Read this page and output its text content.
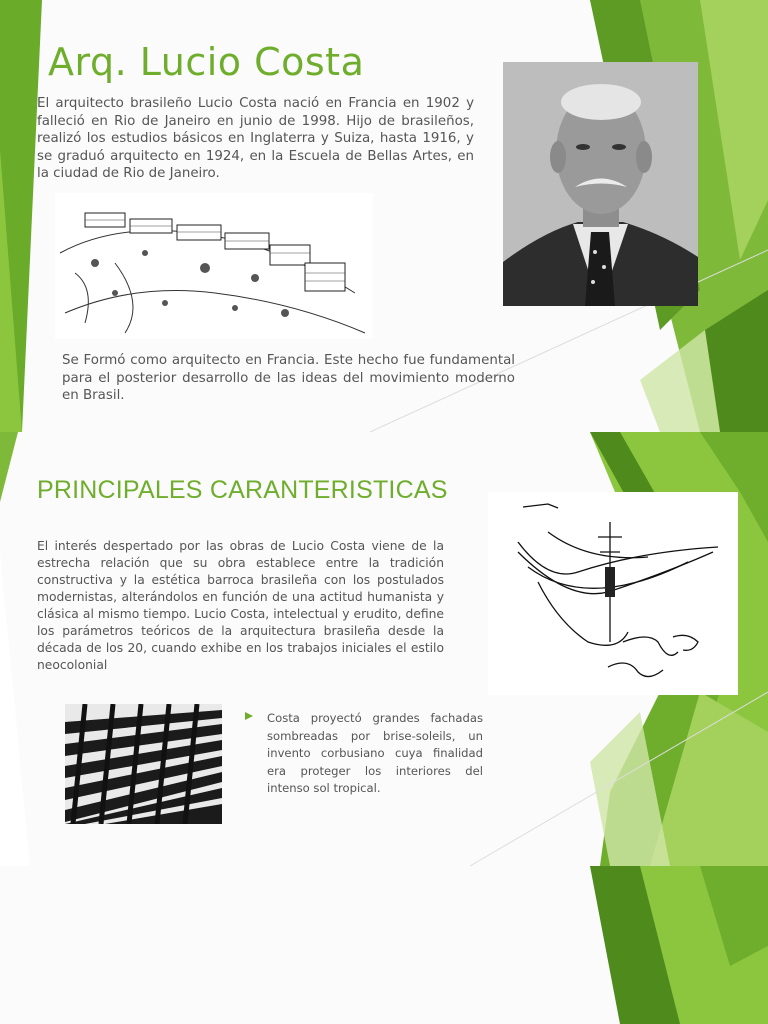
Arq. Lucio Costa

El arquitecto brasileño Lucio Costa nació en Francia en 1902 y falleció en Rio de Janeiro en junio de 1998. Hijo de brasileños, realizó los estudios básicos en Inglaterra y Suiza, hasta 1916, y se graduó arquitecto en 1924, en la Escuela de Bellas Artes, en la ciudad de Rio de Janeiro.

Se Formó como arquitecto en Francia. Este hecho fue fundamental para el posterior desarrollo de las ideas del movimiento moderno en Brasil.

PRINCIPALES CARANTERISTICAS

El interés despertado por las obras de Lucio Costa viene de la estrecha relación que su obra establece entre la tradición constructiva y la estética barroca brasileña con los postulados modernistas, alterándolos en función de una actitud humanista y clásica al mismo tiempo. Lucio Costa, intelectual y erudito, define los parámetros teóricos de la arquitectura brasileña desde la década de los 20, cuando exhibe en los trabajos iniciales el estilo neocolonial

Costa proyectó grandes fachadas sombreadas por brise-soleils, un invento corbusiano cuya finalidad era proteger los interiores del intenso sol tropical.
